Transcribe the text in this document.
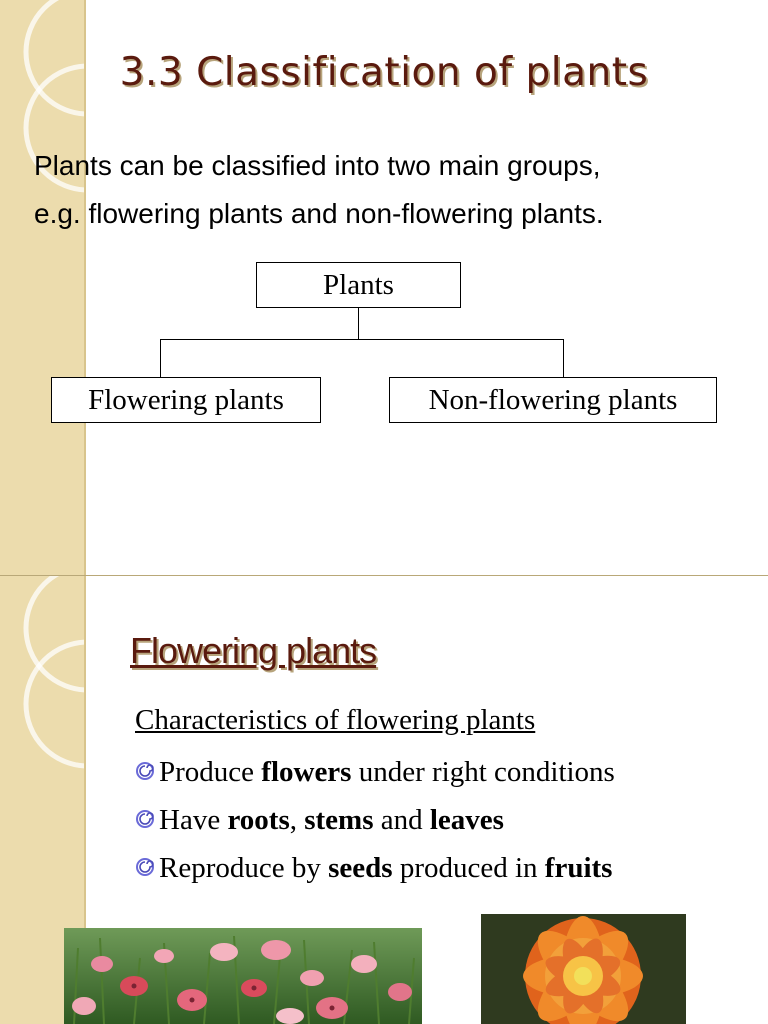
3.3 Classification of plants
Plants can be classified into two main groups,
e.g. flowering plants and non-flowering plants.
Plants
Flowering plants	Non-flowering plants
Flowering plants
Characteristics of flowering plants
Produce flowers under right conditions
Have roots, stems and leaves
Reproduce by seeds produced in fruits
